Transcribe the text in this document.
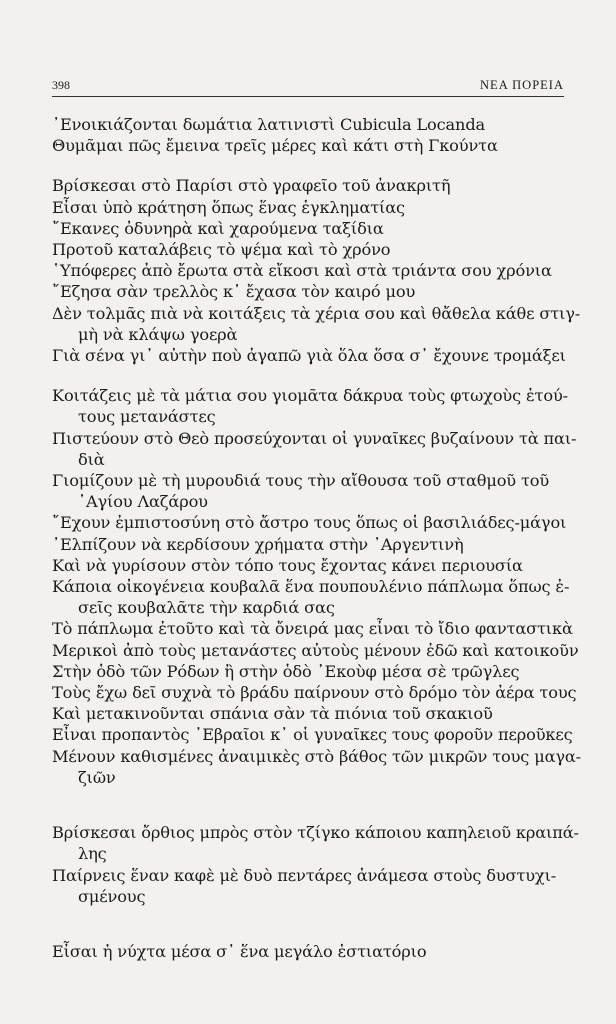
398	ΝΕΑ ΠΟΡΕΙΑ
᾿Ενοικιάζονται δωμάτια λατινιστὶ Cubicula Locanda
Θυμᾶμαι πῶς ἔμεινα τρεῖς μέρες καὶ κάτι στὴ Γκούντα
Βρίσκεσαι στὸ Παρίσι στὸ γραφεῖο τοῦ ἀνακριτῆ
Εἶσαι ὑπὸ κράτηση ὅπως ἕνας ἐγκληματίας
῎Εκανες ὀδυνηρὰ καὶ χαρούμενα ταξίδια
Προτοῦ καταλάβεις τὸ ψέμα καὶ τὸ χρόνο
῾Υπόφερες ἀπὸ ἔρωτα στὰ εἴκοσι καὶ στὰ τριάντα σου χρόνια
῎Εζησα σὰν τρελλὸς κ᾿ ἔχασα τὸν καιρό μου
Δὲν τολμᾶς πιὰ νὰ κοιτάξεις τὰ χέρια σου καὶ θἄθελα κάθε στιγ-
μὴ νὰ κλάψω γοερὰ
Γιὰ σένα γι᾿ αὐτὴν ποὺ ἀγαπῶ γιὰ ὅλα ὅσα σ᾿ ἔχουνε τρομάξει
Κοιτάζεις μὲ τὰ μάτια σου γιομᾶτα δάκρυα τοὺς φτωχοὺς ἐτού-
τους μετανάστες
Πιστεύουν στὸ Θεὸ προσεύχονται οἱ γυναῖκες βυζαίνουν τὰ παι-
διὰ
Γιομίζουν μὲ τὴ μυρουδιά τους τὴν αἴθουσα τοῦ σταθμοῦ τοῦ
῾Αγίου Λαζάρου
῎Εχουν ἐμπιστοσύνη στὸ ἄστρο τους ὅπως οἱ βασιλιάδες-μάγοι
᾿Ελπίζουν νὰ κερδίσουν χρήματα στὴν ᾿Αργεντινὴ
Καὶ νὰ γυρίσουν στὸν τόπο τους ἔχοντας κάνει περιουσία
Κάποια οἰκογένεια κουβαλᾶ ἕνα πουπουλένιο πάπλωμα ὅπως ἐ-
σεῖς κουβαλᾶτε τὴν καρδιά σας
Τὸ πάπλωμα ἐτοῦτο καὶ τὰ ὄνειρά μας εἶναι τὸ ἴδιο φανταστικὰ
Μερικοὶ ἀπὸ τοὺς μετανάστες αὐτοὺς μένουν ἐδῶ καὶ κατοικοῦν
Στὴν ὁδὸ τῶν Ρόδων ἢ στὴν ὁδὸ ᾿Εκοὺφ μέσα σὲ τρῶγλες
Τοὺς ἔχω δεῖ συχνὰ τὸ βράδυ παίρνουν στὸ δρόμο τὸν ἀέρα τους
Καὶ μετακινοῦνται σπάνια σὰν τὰ πιόνια τοῦ σκακιοῦ
Εἶναι προπαντὸς ᾿Εβραῖοι κ᾿ οἱ γυναῖκες τους φοροῦν περοῦκες
Μένουν καθισμένες ἀναιμικὲς στὸ βάθος τῶν μικρῶν τους μαγα-
ζιῶν
Βρίσκεσαι ὄρθιος μπρὸς στὸν τζίγκο κάποιου καπηλειοῦ κραιπά-
λης
Παίρνεις ἕναν καφὲ μὲ δυὸ πεντάρες ἀνάμεσα στοὺς δυστυχι-
σμένους
Εἶσαι ἡ νύχτα μέσα σ᾿ ἕνα μεγάλο ἑστιατόριο
